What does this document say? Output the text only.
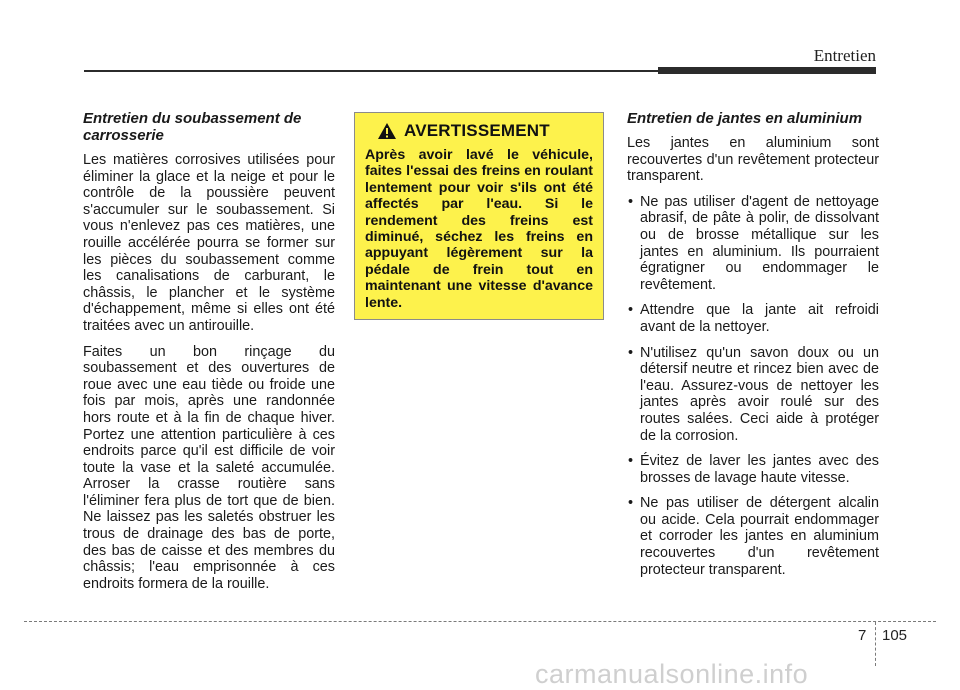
Entretien
Entretien du soubassement de carrosserie

Les matières corrosives utilisées pour éliminer la glace et la neige et pour le contrôle de la poussière peuvent s'accumuler sur le soubassement. Si vous n'enlevez pas ces matières, une rouille accélérée pourra se former sur les pièces du soubassement comme les canalisations de carburant, le châssis, le plancher et le système d'échappement, même si elles ont été traitées avec un antirouille.

Faites un bon rinçage du soubassement et des ouvertures de roue avec une eau tiède ou froide une fois par mois, après une randonnée hors route et à la fin de chaque hiver. Portez une attention particulière à ces endroits parce qu'il est difficile de voir toute la vase et la saleté accumulée. Arroser la crasse routière sans l'éliminer fera plus de tort que de bien. Ne laissez pas les saletés obstruer les trous de drainage des bas de porte, des bas de caisse et des membres du châssis; l'eau emprisonnée à ces endroits formera de la rouille.

AVERTISSEMENT

Après avoir lavé le véhicule, faites l'essai des freins en roulant lentement pour voir s'ils ont été affectés par l'eau. Si le rendement des freins est diminué, séchez les freins en appuyant légèrement sur la pédale de frein tout en maintenant une vitesse d'avance lente.

Entretien de jantes en aluminium

Les jantes en aluminium sont recouvertes d'un revêtement protecteur transparent.

• Ne pas utiliser d'agent de nettoyage abrasif, de pâte à polir, de dissolvant ou de brosse métallique sur les jantes en aluminium. Ils pourraient égratigner ou endommager le revêtement.
• Attendre que la jante ait refroidi avant de la nettoyer.
• N'utilisez qu'un savon doux ou un détersif neutre et rincez bien avec de l'eau. Assurez-vous de nettoyer les jantes après avoir roulé sur des routes salées. Ceci aide à protéger de la corrosion.
• Évitez de laver les jantes avec des brosses de lavage haute vitesse.
• Ne pas utiliser de détergent alcalin ou acide. Cela pourrait endommager et corroder les jantes en aluminium recouvertes d'un revêtement protecteur transparent.
7 105
carmanualsonline.info
